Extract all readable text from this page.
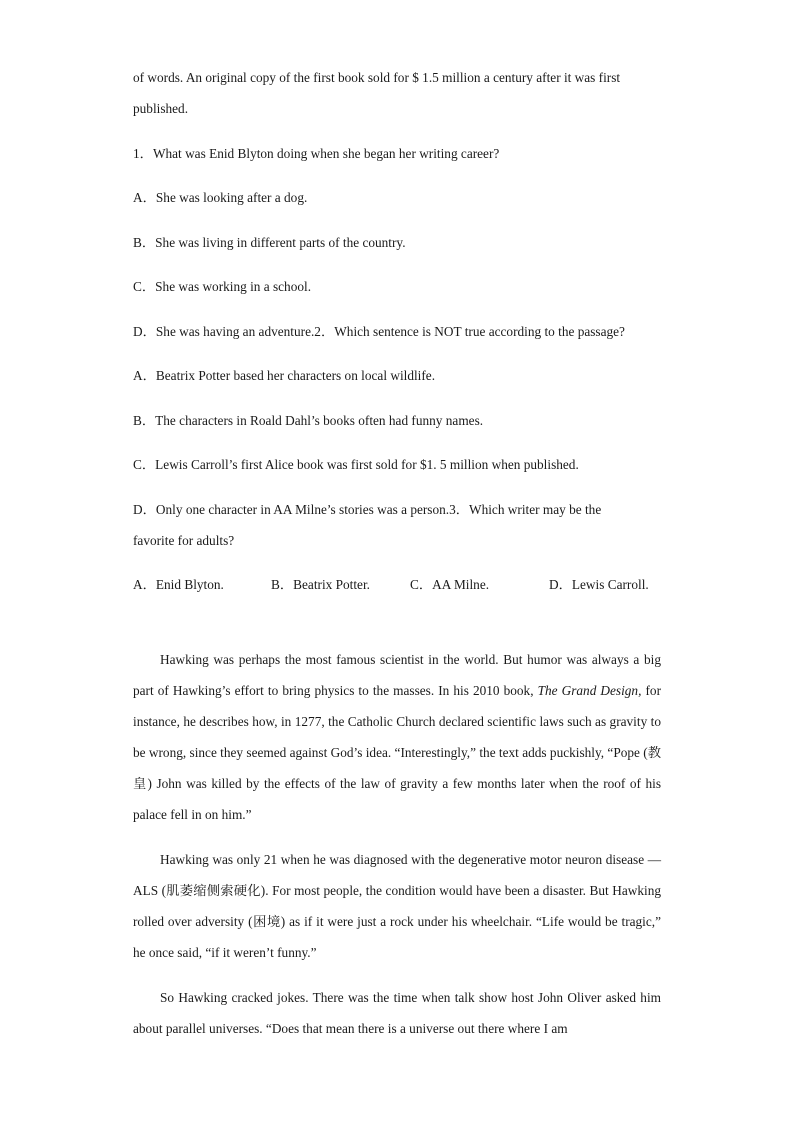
of words. An original copy of the first book sold for $ 1.5 million a century after it was first

published.

1．What was Enid Blyton doing when she began her writing career?

A．She was looking after a dog.

B．She was living in different parts of the country.

C．She was working in a school.

D．She was having an adventure.2．Which sentence is NOT true according to the passage?

A．Beatrix Potter based her characters on local wildlife.

B．The characters in Roald Dahl’s books often had funny names.

C．Lewis Carroll’s first Alice book was first sold for $1. 5 million when published.

D．Only one character in AA Milne’s stories was a person.3．Which writer may be the

favorite for adults?

A．Enid Blyton.	B．Beatrix Potter.	C．AA Milne.	D．Lewis Carroll.

Hawking was perhaps the most famous scientist in the world. But humor was always a big part of Hawking’s effort to bring physics to the masses. In his 2010 book, The Grand Design, for instance, he describes how, in 1277, the Catholic Church declared scientific laws such as gravity to be wrong, since they seemed against God’s idea. “Interestingly,” the text adds puckishly, “Pope (教皇) John was killed by the effects of the law of gravity a few months later when the roof of his palace fell in on him.”

Hawking was only 21 when he was diagnosed with the degenerative motor neuron disease — ALS (肌萎缩侧索硬化). For most people, the condition would have been a disaster. But Hawking rolled over adversity (困境) as if it were just a rock under his wheelchair. “Life would be tragic,” he once said, “if it weren’t funny.”

So Hawking cracked jokes. There was the time when talk show host John Oliver asked him about parallel universes. “Does that mean there is a universe out there where I am
